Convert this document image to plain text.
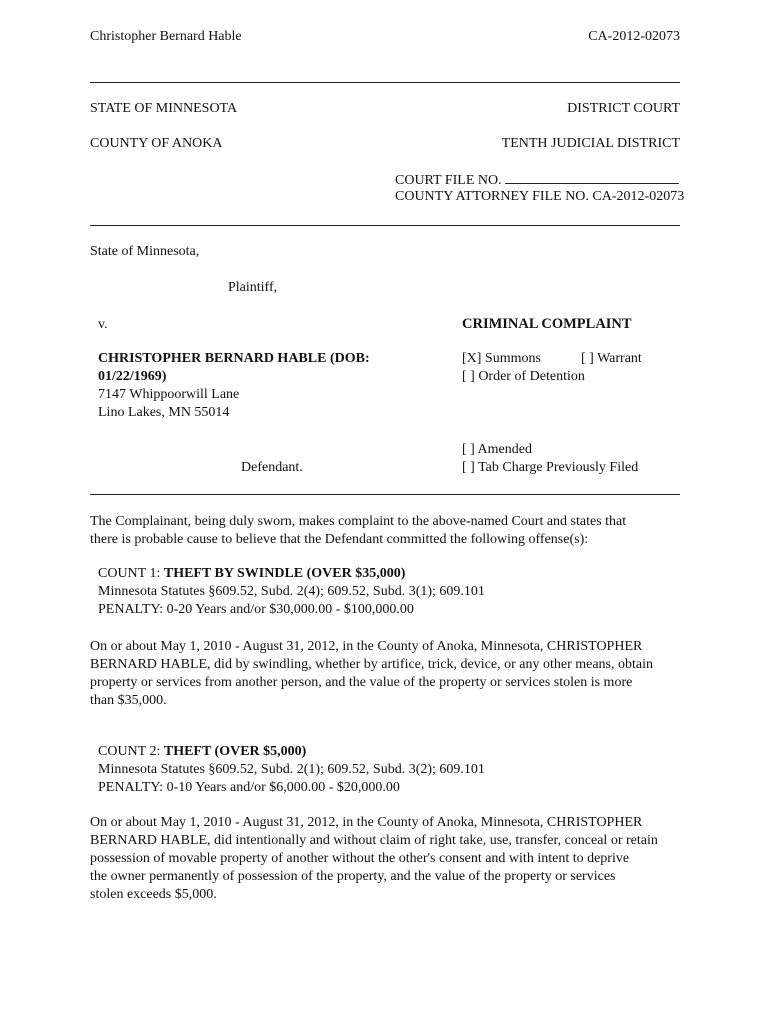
Christopher Bernard Hable	CA-2012-02073
STATE OF MINNESOTA	DISTRICT COURT
COUNTY OF ANOKA	TENTH JUDICIAL DISTRICT
COURT FILE NO.
COUNTY ATTORNEY FILE NO. CA-2012-02073
State of Minnesota,
Plaintiff,
v.	CRIMINAL COMPLAINT
CHRISTOPHER BERNARD HABLE (DOB:
01/22/1969)
7147 Whippoorwill Lane
Lino Lakes, MN 55014
[X] Summons	[ ] Warrant
[ ] Order of Detention
[ ] Amended
[ ] Tab Charge Previously Filed
Defendant.
The Complainant, being duly sworn, makes complaint to the above-named Court and states that
there is probable cause to believe that the Defendant committed the following offense(s):
COUNT 1: THEFT BY SWINDLE (OVER $35,000)
Minnesota Statutes §609.52, Subd. 2(4); 609.52, Subd. 3(1); 609.101
PENALTY: 0-20 Years and/or $30,000.00 - $100,000.00
On or about May 1, 2010 - August 31, 2012, in the County of Anoka, Minnesota, CHRISTOPHER
BERNARD HABLE, did by swindling, whether by artifice, trick, device, or any other means, obtain
property or services from another person, and the value of the property or services stolen is more
than $35,000.
COUNT 2: THEFT (OVER $5,000)
Minnesota Statutes §609.52, Subd. 2(1); 609.52, Subd. 3(2); 609.101
PENALTY: 0-10 Years and/or $6,000.00 - $20,000.00
On or about May 1, 2010 - August 31, 2012, in the County of Anoka, Minnesota, CHRISTOPHER
BERNARD HABLE, did intentionally and without claim of right take, use, transfer, conceal or retain
possession of movable property of another without the other's consent and with intent to deprive
the owner permanently of possession of the property, and the value of the property or services
stolen exceeds $5,000.
